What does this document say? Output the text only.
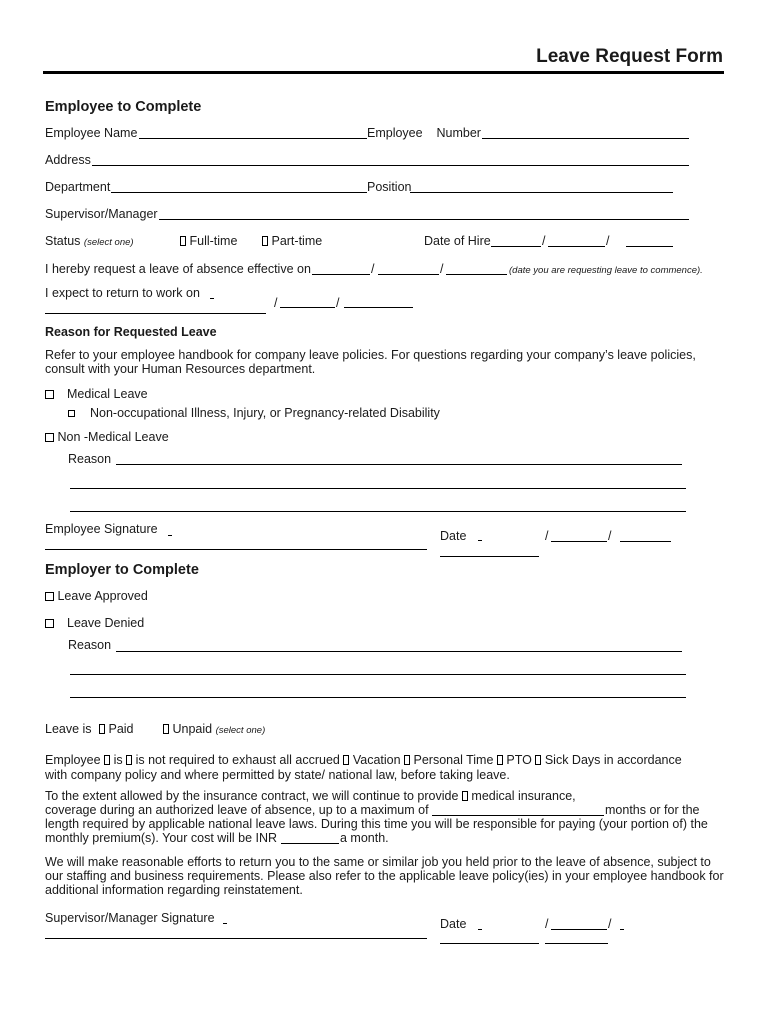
Leave Request Form
Employee to Complete
Employee Name	Employee    Number
Address
Department	Position
Supervisor/Manager
Status (select one)	Full-time	Part-time	Date of Hire	/	/
I hereby request a leave of absence effective on	/	/	(date you are requesting leave to commence).
I expect to return to work on
/	/
Reason for Requested Leave
Refer to your employee handbook for company leave policies. For questions regarding your company’s leave policies, consult with your Human Resources department.
Medical Leave
Non-occupational Illness, Injury, or Pregnancy-related Disability
Non -Medical Leave
Reason
Employee Signature	Date	/	/
Employer to Complete
Leave Approved
Leave Denied
Reason
Leave is	Paid	Unpaid (select one)
Employee is is not required to exhaust all accrued Vacation Personal Time PTO Sick Days in accordance
with company policy and where permitted by state/ national law, before taking leave.
To the extent allowed by the insurance contract, we will continue to provide medical insurance,
coverage during an authorized leave of absence, up to a maximum of	months or for the
length required by applicable national leave laws. During this time you will be responsible for paying (your portion of) the
monthly premium(s). Your cost will be INR	a month.
We will make reasonable efforts to return you to the same or similar job you held prior to the leave of absence, subject to our staffing and business requirements. Please also refer to the applicable leave policy(ies) in your employee handbook for additional information regarding reinstatement.
Supervisor/Manager Signature	Date	/	/
